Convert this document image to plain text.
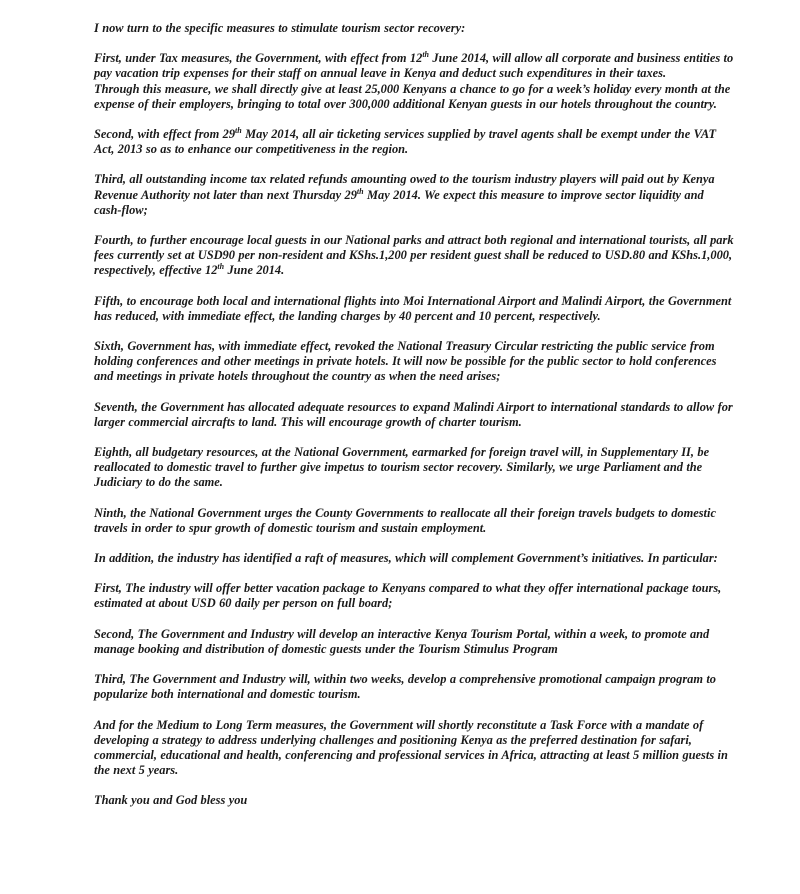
I now turn to the specific measures to stimulate tourism sector recovery:

First, under Tax measures, the Government, with effect from 12th June 2014, will allow all corporate and business entities to pay vacation trip expenses for their staff on annual leave in Kenya and deduct such expenditures in their taxes.

Through this measure, we shall directly give at least 25,000 Kenyans a chance to go for a week’s holiday every month at the expense of their employers, bringing to total over 300,000 additional Kenyan guests in our hotels throughout the country.

Second, with effect from 29th May 2014, all air ticketing services supplied by travel agents shall be exempt under the VAT Act, 2013 so as to enhance our competitiveness in the region.

Third, all outstanding income tax related refunds amounting owed to the tourism industry players will paid out by Kenya Revenue Authority not later than next Thursday 29th May 2014. We expect this measure to improve sector liquidity and cash-flow;

Fourth, to further encourage local guests in our National parks and attract both regional and international tourists, all park fees currently set at USD90 per non-resident and KShs.1,200 per resident guest shall be reduced to USD.80 and KShs.1,000, respectively, effective 12th June 2014.

Fifth, to encourage both local and international flights into Moi International Airport and Malindi Airport, the Government has reduced, with immediate effect, the landing charges by 40 percent and 10 percent, respectively.

Sixth, Government has, with immediate effect, revoked the National Treasury Circular restricting the public service from holding conferences and other meetings in private hotels. It will now be possible for the public sector to hold conferences and meetings in private hotels throughout the country as when the need arises;

Seventh, the Government has allocated adequate resources to expand Malindi Airport to international standards to allow for larger commercial aircrafts to land. This will encourage growth of charter tourism.

Eighth, all budgetary resources, at the National Government, earmarked for foreign travel will, in Supplementary II, be reallocated to domestic travel to further give impetus to tourism sector recovery. Similarly, we urge Parliament and the Judiciary to do the same.

Ninth, the National Government urges the County Governments to reallocate all their foreign travels budgets to domestic travels in order to spur growth of domestic tourism and sustain employment.

In addition, the industry has identified a raft of measures, which will complement Government’s initiatives. In particular:

First, The industry will offer better vacation package to Kenyans compared to what they offer international package tours, estimated at about USD 60 daily per person on full board;

Second, The Government and Industry will develop an interactive Kenya Tourism Portal, within a week, to promote and manage booking and distribution of domestic guests under the Tourism Stimulus Program

Third, The Government and Industry will, within two weeks, develop a comprehensive promotional campaign program to popularize both international and domestic tourism.

And for the Medium to Long Term measures, the Government will shortly reconstitute a Task Force with a mandate of developing a strategy to address underlying challenges and positioning Kenya as the preferred destination for safari, commercial, educational and health, conferencing and professional services in Africa, attracting at least 5 million guests in the next 5 years.

Thank you and God bless you
